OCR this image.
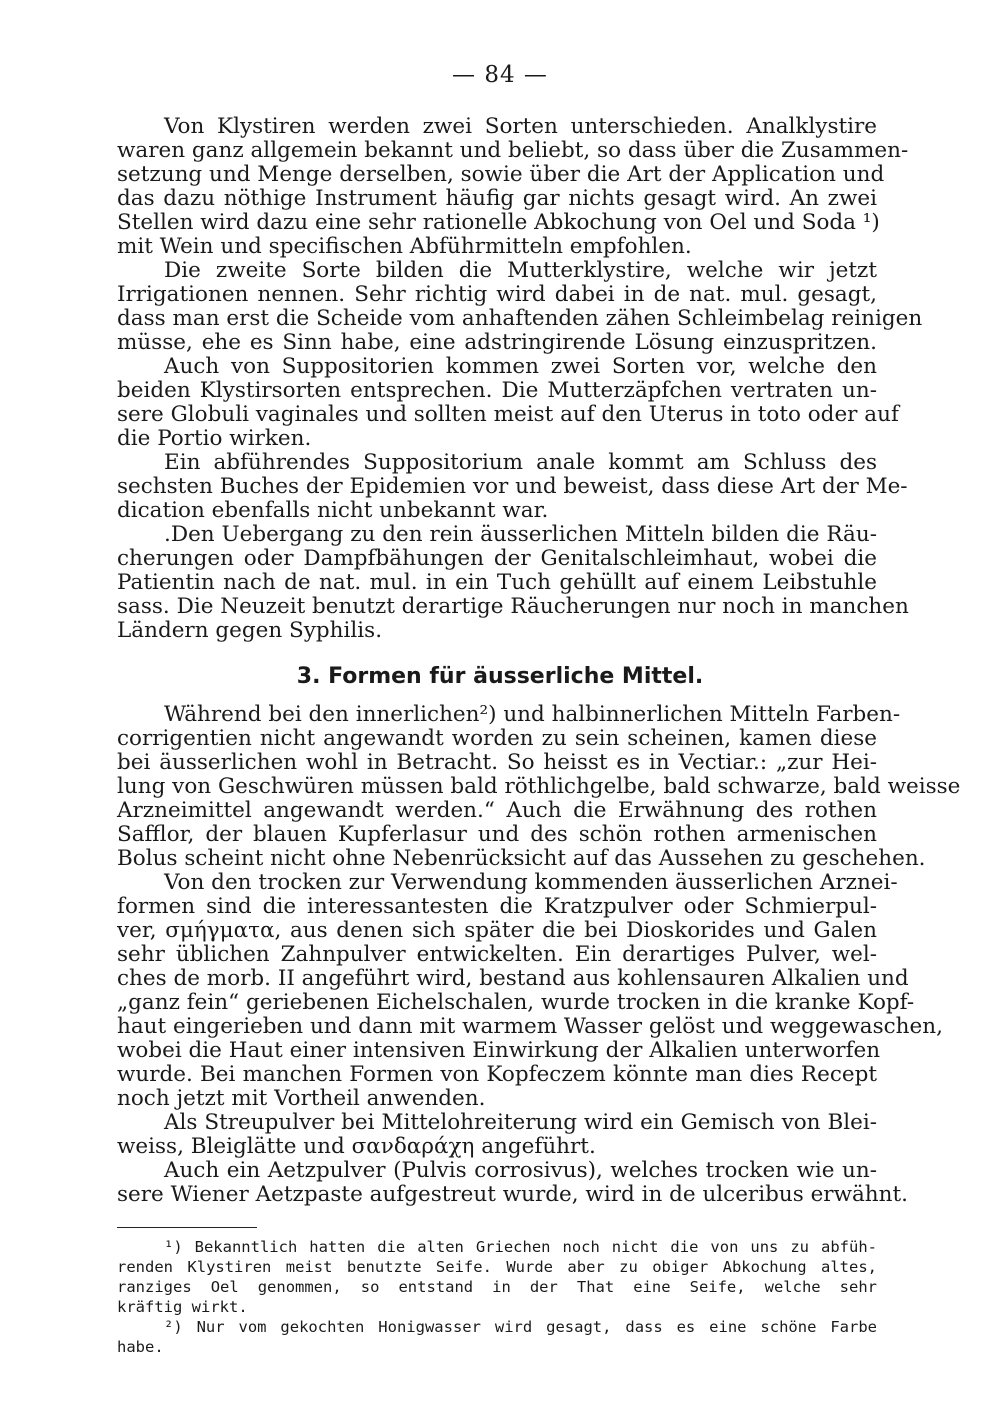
— 84 —
Von Klystiren werden zwei Sorten unterschieden. Analklystire
waren ganz allgemein bekannt und beliebt, so dass über die Zusammen-
setzung und Menge derselben, sowie über die Art der Application und
das dazu nöthige Instrument häufig gar nichts gesagt wird. An zwei
Stellen wird dazu eine sehr rationelle Abkochung von Oel und Soda ¹)
mit Wein und specifischen Abführmitteln empfohlen.
Die zweite Sorte bilden die Mutterklystire, welche wir jetzt
Irrigationen nennen. Sehr richtig wird dabei in de nat. mul. gesagt,
dass man erst die Scheide vom anhaftenden zähen Schleimbelag reinigen
müsse, ehe es Sinn habe, eine adstringirende Lösung einzuspritzen.
Auch von Suppositorien kommen zwei Sorten vor, welche den
beiden Klystirsorten entsprechen. Die Mutterzäpfchen vertraten un-
sere Globuli vaginales und sollten meist auf den Uterus in toto oder auf
die Portio wirken.
Ein abführendes Suppositorium anale kommt am Schluss des
sechsten Buches der Epidemien vor und beweist, dass diese Art der Me-
dication ebenfalls nicht unbekannt war.
.Den Uebergang zu den rein äusserlichen Mitteln bilden die Räu-
cherungen oder Dampfbähungen der Genitalschleimhaut, wobei die
Patientin nach de nat. mul. in ein Tuch gehüllt auf einem Leibstuhle
sass. Die Neuzeit benutzt derartige Räucherungen nur noch in manchen
Ländern gegen Syphilis.
Während bei den innerlichen²) und halbinnerlichen Mitteln Farben-
corrigentien nicht angewandt worden zu sein scheinen, kamen diese
bei äusserlichen wohl in Betracht. So heisst es in Vectiar.: „zur Hei-
lung von Geschwüren müssen bald röthlichgelbe, bald schwarze, bald weisse
Arzneimittel angewandt werden.“ Auch die Erwähnung des rothen
Safflor, der blauen Kupferlasur und des schön rothen armenischen
Bolus scheint nicht ohne Nebenrücksicht auf das Aussehen zu geschehen.
Von den trocken zur Verwendung kommenden äusserlichen Arznei-
formen sind die interessantesten die Kratzpulver oder Schmierpul-
ver, σμήγματα, aus denen sich später die bei Dioskorides und Galen
sehr üblichen Zahnpulver entwickelten. Ein derartiges Pulver, wel-
ches de morb. II angeführt wird, bestand aus kohlensauren Alkalien und
„ganz fein“ geriebenen Eichelschalen, wurde trocken in die kranke Kopf-
haut eingerieben und dann mit warmem Wasser gelöst und weggewaschen,
wobei die Haut einer intensiven Einwirkung der Alkalien unterworfen
wurde. Bei manchen Formen von Kopfeczem könnte man dies Recept
noch jetzt mit Vortheil anwenden.
Als Streupulver bei Mittelohreiterung wird ein Gemisch von Blei-
weiss, Bleiglätte und σανδαράχη angeführt.
Auch ein Aetzpulver (Pulvis corrosivus), welches trocken wie un-
sere Wiener Aetzpaste aufgestreut wurde, wird in de ulceribus erwähnt.
3. Formen für äusserliche Mittel.
¹) Bekanntlich hatten die alten Griechen noch nicht die von uns zu abfüh-
renden Klystiren meist benutzte Seife. Wurde aber zu obiger Abkochung altes,
ranziges Oel genommen, so entstand in der That eine Seife, welche sehr
kräftig wirkt.
²) Nur vom gekochten Honigwasser wird gesagt, dass es eine schöne Farbe
habe.
